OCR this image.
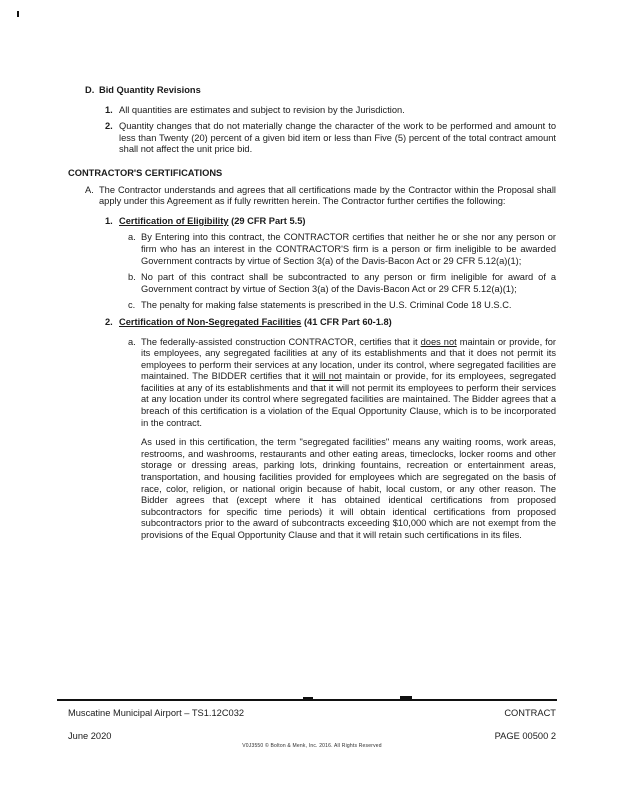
D. Bid Quantity Revisions
1. All quantities are estimates and subject to revision by the Jurisdiction.
2. Quantity changes that do not materially change the character of the work to be performed and amount to less than Twenty (20) percent of a given bid item or less than Five (5) percent of the total contract amount shall not affect the unit price bid.
CONTRACTOR'S CERTIFICATIONS
A. The Contractor understands and agrees that all certifications made by the Contractor within the Proposal shall apply under this Agreement as if fully rewritten herein. The Contractor further certifies the following:
1. Certification of Eligibility (29 CFR Part 5.5)
a. By Entering into this contract, the CONTRACTOR certifies that neither he or she nor any person or firm who has an interest in the CONTRACTOR'S firm is a person or firm ineligible to be awarded Government contracts by virtue of Section 3(a) of the Davis-Bacon Act or 29 CFR 5.12(a)(1);
b. No part of this contract shall be subcontracted to any person or firm ineligible for award of a Government contract by virtue of Section 3(a) of the Davis-Bacon Act or 29 CFR 5.12(a)(1);
c. The penalty for making false statements is prescribed in the U.S. Criminal Code 18 U.S.C.
2. Certification of Non-Segregated Facilities (41 CFR Part 60-1.8)
a. The federally-assisted construction CONTRACTOR, certifies that it does not maintain or provide, for its employees, any segregated facilities at any of its establishments and that it does not permit its employees to perform their services at any location, under its control, where segregated facilities are maintained. The BIDDER certifies that it will not maintain or provide, for its employees, segregated facilities at any of its establishments and that it will not permit its employees to perform their services at any location under its control where segregated facilities are maintained. The Bidder agrees that a breach of this certification is a violation of the Equal Opportunity Clause, which is to be incorporated in the contract.
As used in this certification, the term "segregated facilities" means any waiting rooms, work areas, restrooms, and washrooms, restaurants and other eating areas, timeclocks, locker rooms and other storage or dressing areas, parking lots, drinking fountains, recreation or entertainment areas, transportation, and housing facilities provided for employees which are segregated on the basis of race, color, religion, or national origin because of habit, local custom, or any other reason. The Bidder agrees that (except where it has obtained identical certifications from proposed subcontractors for specific time periods) it will obtain identical certifications from proposed subcontractors prior to the award of subcontracts exceeding $10,000 which are not exempt from the provisions of the Equal Opportunity Clause and that it will retain such certifications in its files.
Muscatine Municipal Airport – TS1.12C032	CONTRACT
June 2020	PAGE 00500 2
V0J3550 © Bolton & Menk, Inc. 2016. All Rights Reserved
